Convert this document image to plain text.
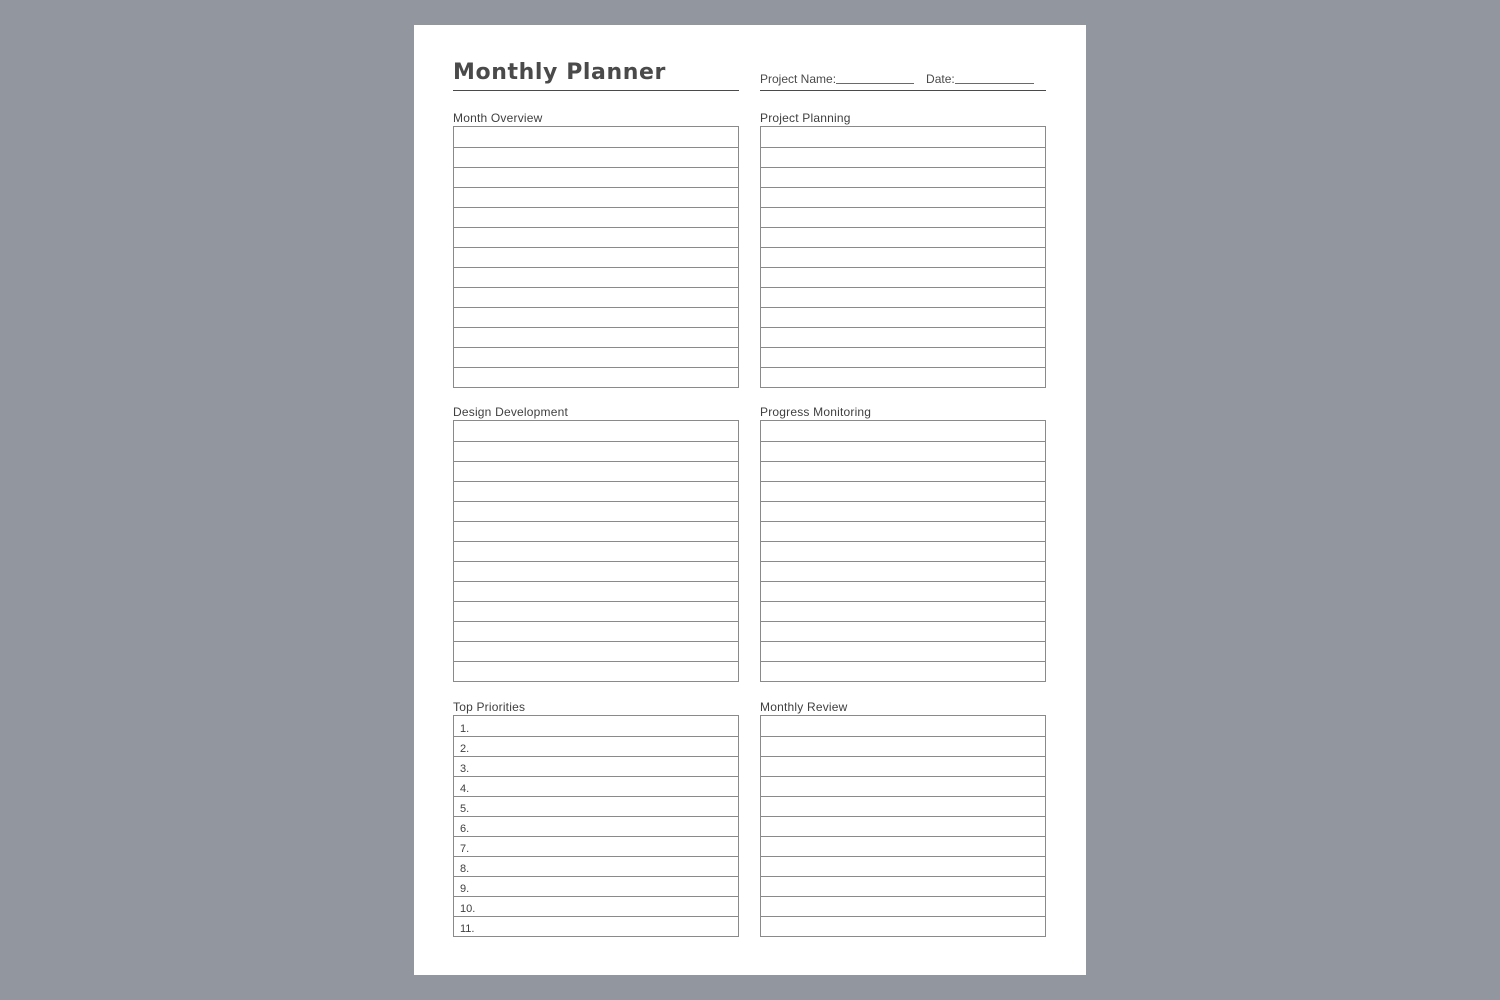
Monthly Planner	Project Name:	Date:
Month Overview	Project Planning
Design Development	Progress Monitoring
Top Priorities
1.
2.
3.
4.
5.
6.
7.
8.
9.
10.
11.
Monthly Review
